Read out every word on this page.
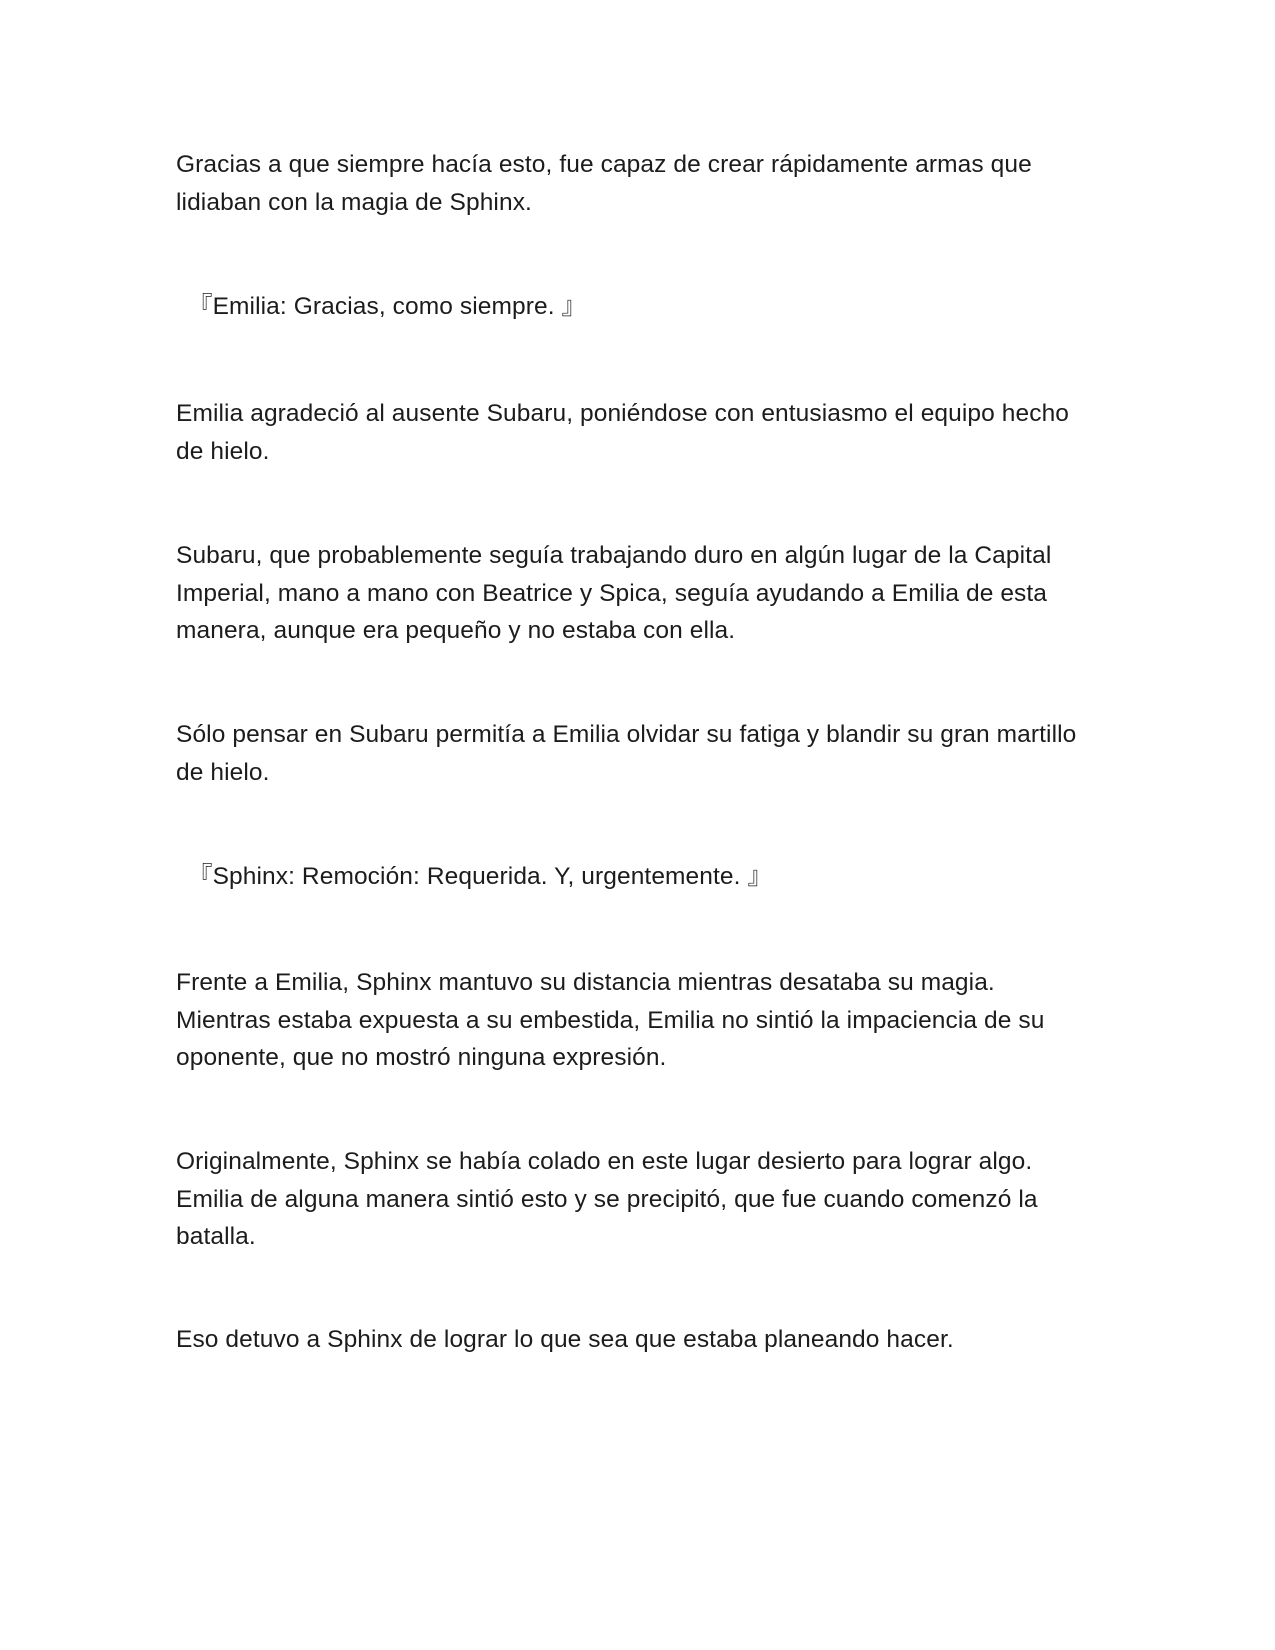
Gracias a que siempre hacía esto, fue capaz de crear rápidamente armas que lidiaban con la magia de Sphinx.

『Emilia: Gracias, como siempre. 』

Emilia agradeció al ausente Subaru, poniéndose con entusiasmo el equipo hecho de hielo.

Subaru, que probablemente seguía trabajando duro en algún lugar de la Capital Imperial, mano a mano con Beatrice y Spica, seguía ayudando a Emilia de esta manera, aunque era pequeño y no estaba con ella.

Sólo pensar en Subaru permitía a Emilia olvidar su fatiga y blandir su gran martillo de hielo.

『Sphinx: Remoción: Requerida. Y, urgentemente. 』

Frente a Emilia, Sphinx mantuvo su distancia mientras desataba su magia. Mientras estaba expuesta a su embestida, Emilia no sintió la impaciencia de su oponente, que no mostró ninguna expresión.

Originalmente, Sphinx se había colado en este lugar desierto para lograr algo. Emilia de alguna manera sintió esto y se precipitó, que fue cuando comenzó la batalla.

Eso detuvo a Sphinx de lograr lo que sea que estaba planeando hacer.
